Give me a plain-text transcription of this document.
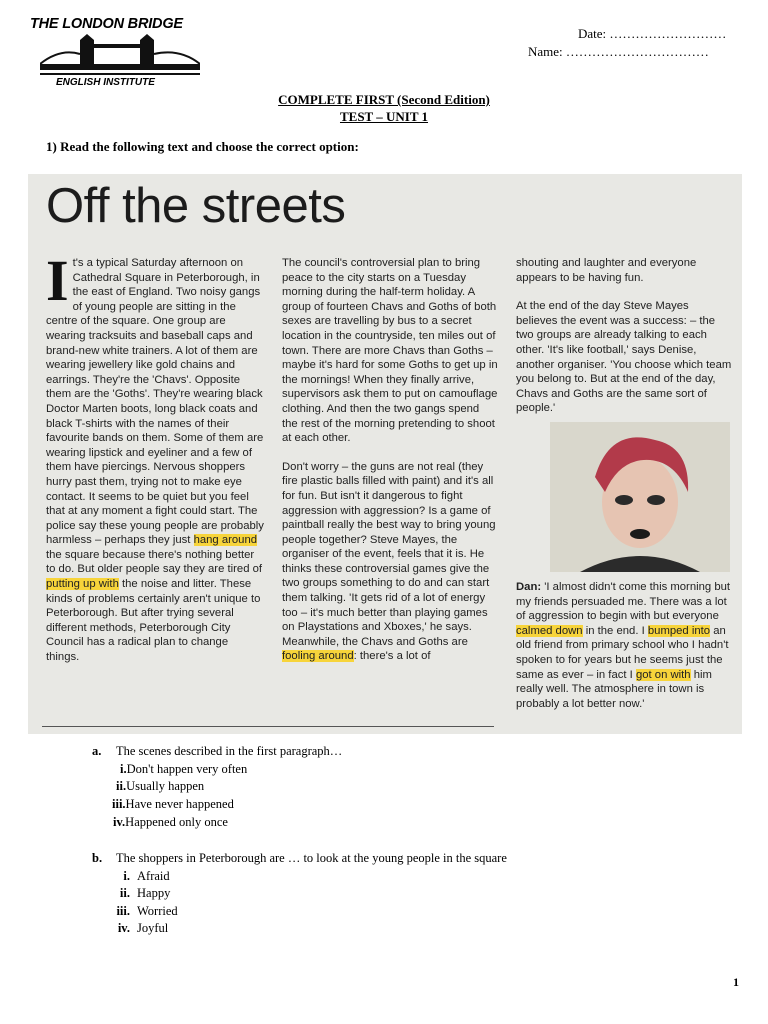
THE LONDON BRIDGE
ENGLISH INSTITUTE
Date: ………………………
Name: ……………………………
COMPLETE FIRST (Second Edition)
TEST – UNIT 1
1) Read the following text and choose the correct option:
Off the streets

It's a typical Saturday afternoon on Cathedral Square in Peterborough, in the east of England. Two noisy gangs of young people are sitting in the centre of the square. One group are wearing tracksuits and baseball caps and brand-new white trainers. A lot of them are wearing jewellery like gold chains and earrings. They're the 'Chavs'. Opposite them are the 'Goths'. They're wearing black Doctor Marten boots, long black coats and black T-shirts with the names of their favourite bands on them. Some of them are wearing lipstick and eyeliner and a few of them have piercings. Nervous shoppers hurry past them, trying not to make eye contact. It seems to be quiet but you feel that at any moment a fight could start. The police say these young people are probably harmless – perhaps they just hang around the square because there's nothing better to do. But older people say they are tired of putting up with the noise and litter. These kinds of problems certainly aren't unique to Peterborough. But after trying several different methods, Peterborough City Council has a radical plan to change things.

The council's controversial plan to bring peace to the city starts on a Tuesday morning during the half-term holiday. A group of fourteen Chavs and Goths of both sexes are travelling by bus to a secret location in the countryside, ten miles out of town. There are more Chavs than Goths – maybe it's hard for some Goths to get up in the mornings! When they finally arrive, supervisors ask them to put on camouflage clothing. And then the two gangs spend the rest of the morning pretending to shoot at each other.

Don't worry – the guns are not real (they fire plastic balls filled with paint) and it's all for fun. But isn't it dangerous to fight aggression with aggression? Is a game of paintball really the best way to bring young people together? Steve Mayes, the organiser of the event, feels that it is. He thinks these controversial games give the two groups something to do and can start them talking. 'It gets rid of a lot of energy too – it's much better than playing games on Playstations and Xboxes,' he says. Meanwhile, the Chavs and Goths are fooling around: there's a lot of

shouting and laughter and everyone appears to be having fun.

At the end of the day Steve Mayes believes the event was a success: – the two groups are already talking to each other. 'It's like football,' says Denise, another organiser. 'You choose which team you belong to. But at the end of the day, Chavs and Goths are the same sort of people.'

Dan: 'I almost didn't come this morning but my friends persuaded me. There was a lot of aggression to begin with but everyone calmed down in the end. I bumped into an old friend from primary school who I hadn't spoken to for years but he seems just the same as ever – in fact I got on with him really well. The atmosphere in town is probably a lot better now.'

a. The scenes described in the first paragraph…
i.Don't happen very often
ii.Usually happen
iii.Have never happened
iv.Happened only once
b. The shoppers in Peterborough are … to look at the young people in the square
i. Afraid
ii. Happy
iii. Worried
iv. Joyful
1
